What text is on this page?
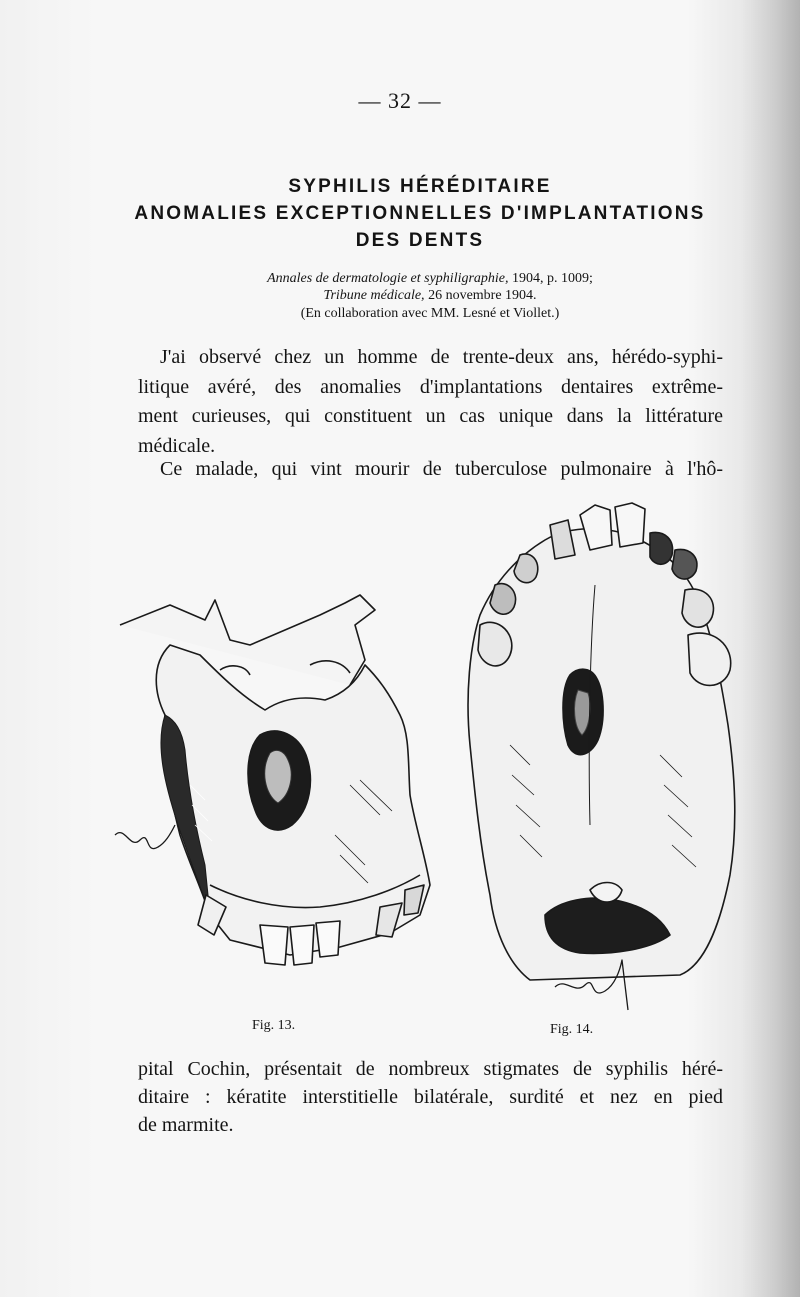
— 32 —
SYPHILIS HÉRÉDITAIRE
ANOMALIES EXCEPTIONNELLES D'IMPLANTATIONS
DES DENTS
Annales de dermatologie et syphiligraphie, 1904, p. 1009;
Tribune médicale, 26 novembre 1904.
(En collaboration avec MM. Lesné et Viollet.)
J'ai observé chez un homme de trente-deux ans, hérédo-syphi-
litique avéré, des anomalies d'implantations dentaires extrême-
ment curieuses, qui constituent un cas unique dans la littérature
médicale.
Ce malade, qui vint mourir de tuberculose pulmonaire à l'hô-
Fig. 13.	Fig. 14.
pital Cochin, présentait de nombreux stigmates de syphilis héré-
ditaire : kératite interstitielle bilatérale, surdité et nez en pied
de marmite.
